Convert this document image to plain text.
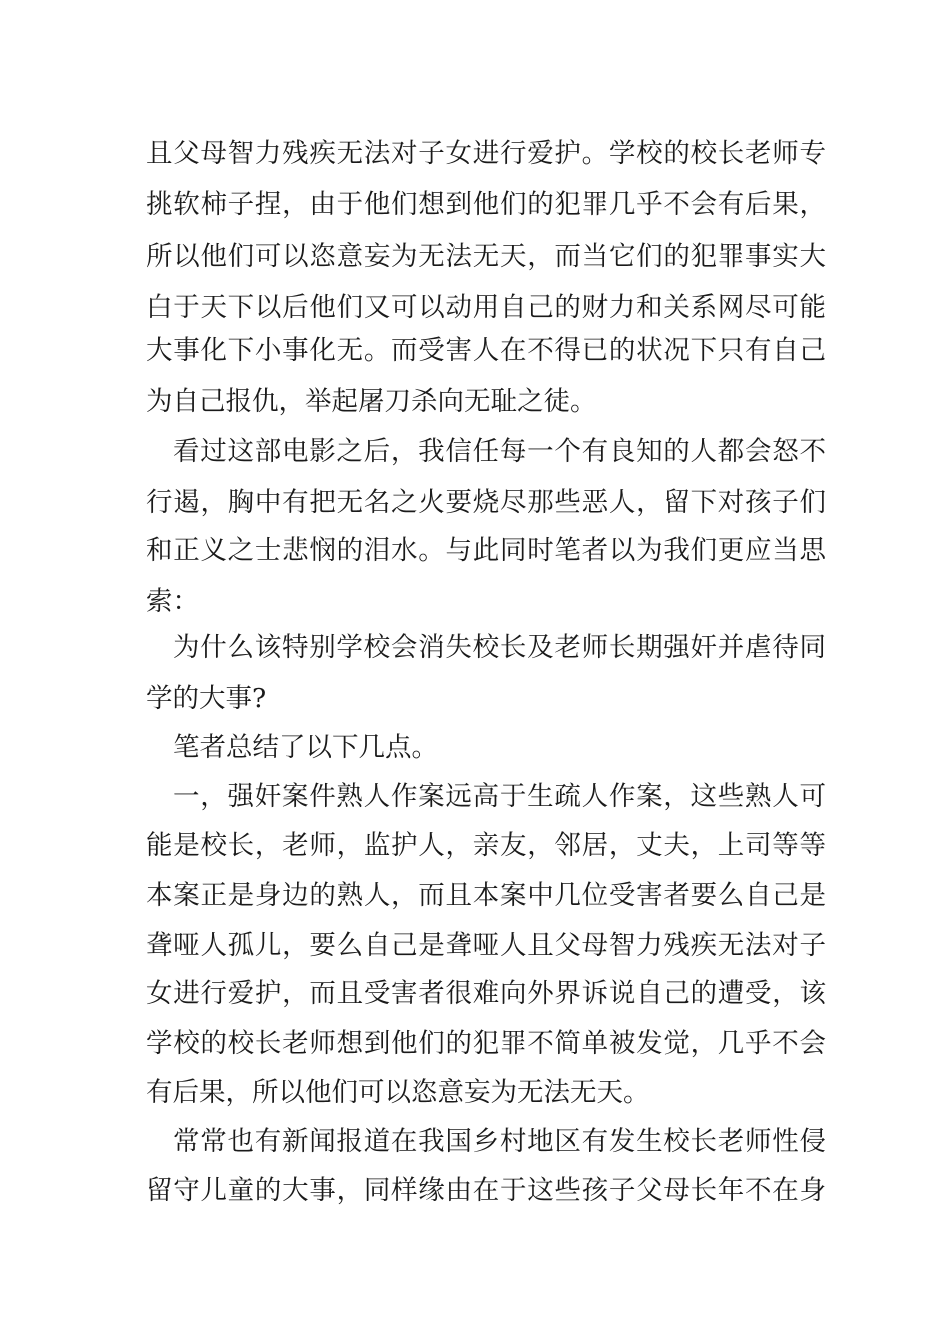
且父母智力残疾无法对子女进行爱护。学校的校长老师专
挑软柿子捏，由于他们想到他们的犯罪几乎不会有后果，
所以他们可以恣意妄为无法无天，而当它们的犯罪事实大
白于天下以后他们又可以动用自己的财力和关系网尽可能
大事化下小事化无。而受害人在不得已的状况下只有自己
为自己报仇，举起屠刀杀向无耻之徒。
看过这部电影之后，我信任每一个有良知的人都会怒不
行遏，胸中有把无名之火要烧尽那些恶人，留下对孩子们
和正义之士悲悯的泪水。与此同时笔者以为我们更应当思
索：
为什么该特别学校会消失校长及老师长期强奸并虐待同
学的大事?
笔者总结了以下几点。
一，强奸案件熟人作案远高于生疏人作案，这些熟人可
能是校长，老师，监护人，亲友，邻居，丈夫，上司等等
本案正是身边的熟人，而且本案中几位受害者要么自己是
聋哑人孤儿，要么自己是聋哑人且父母智力残疾无法对子
女进行爱护，而且受害者很难向外界诉说自己的遭受，该
学校的校长老师想到他们的犯罪不简单被发觉，几乎不会
有后果，所以他们可以恣意妄为无法无天。
常常也有新闻报道在我国乡村地区有发生校长老师性侵
留守儿童的大事，同样缘由在于这些孩子父母长年不在身
